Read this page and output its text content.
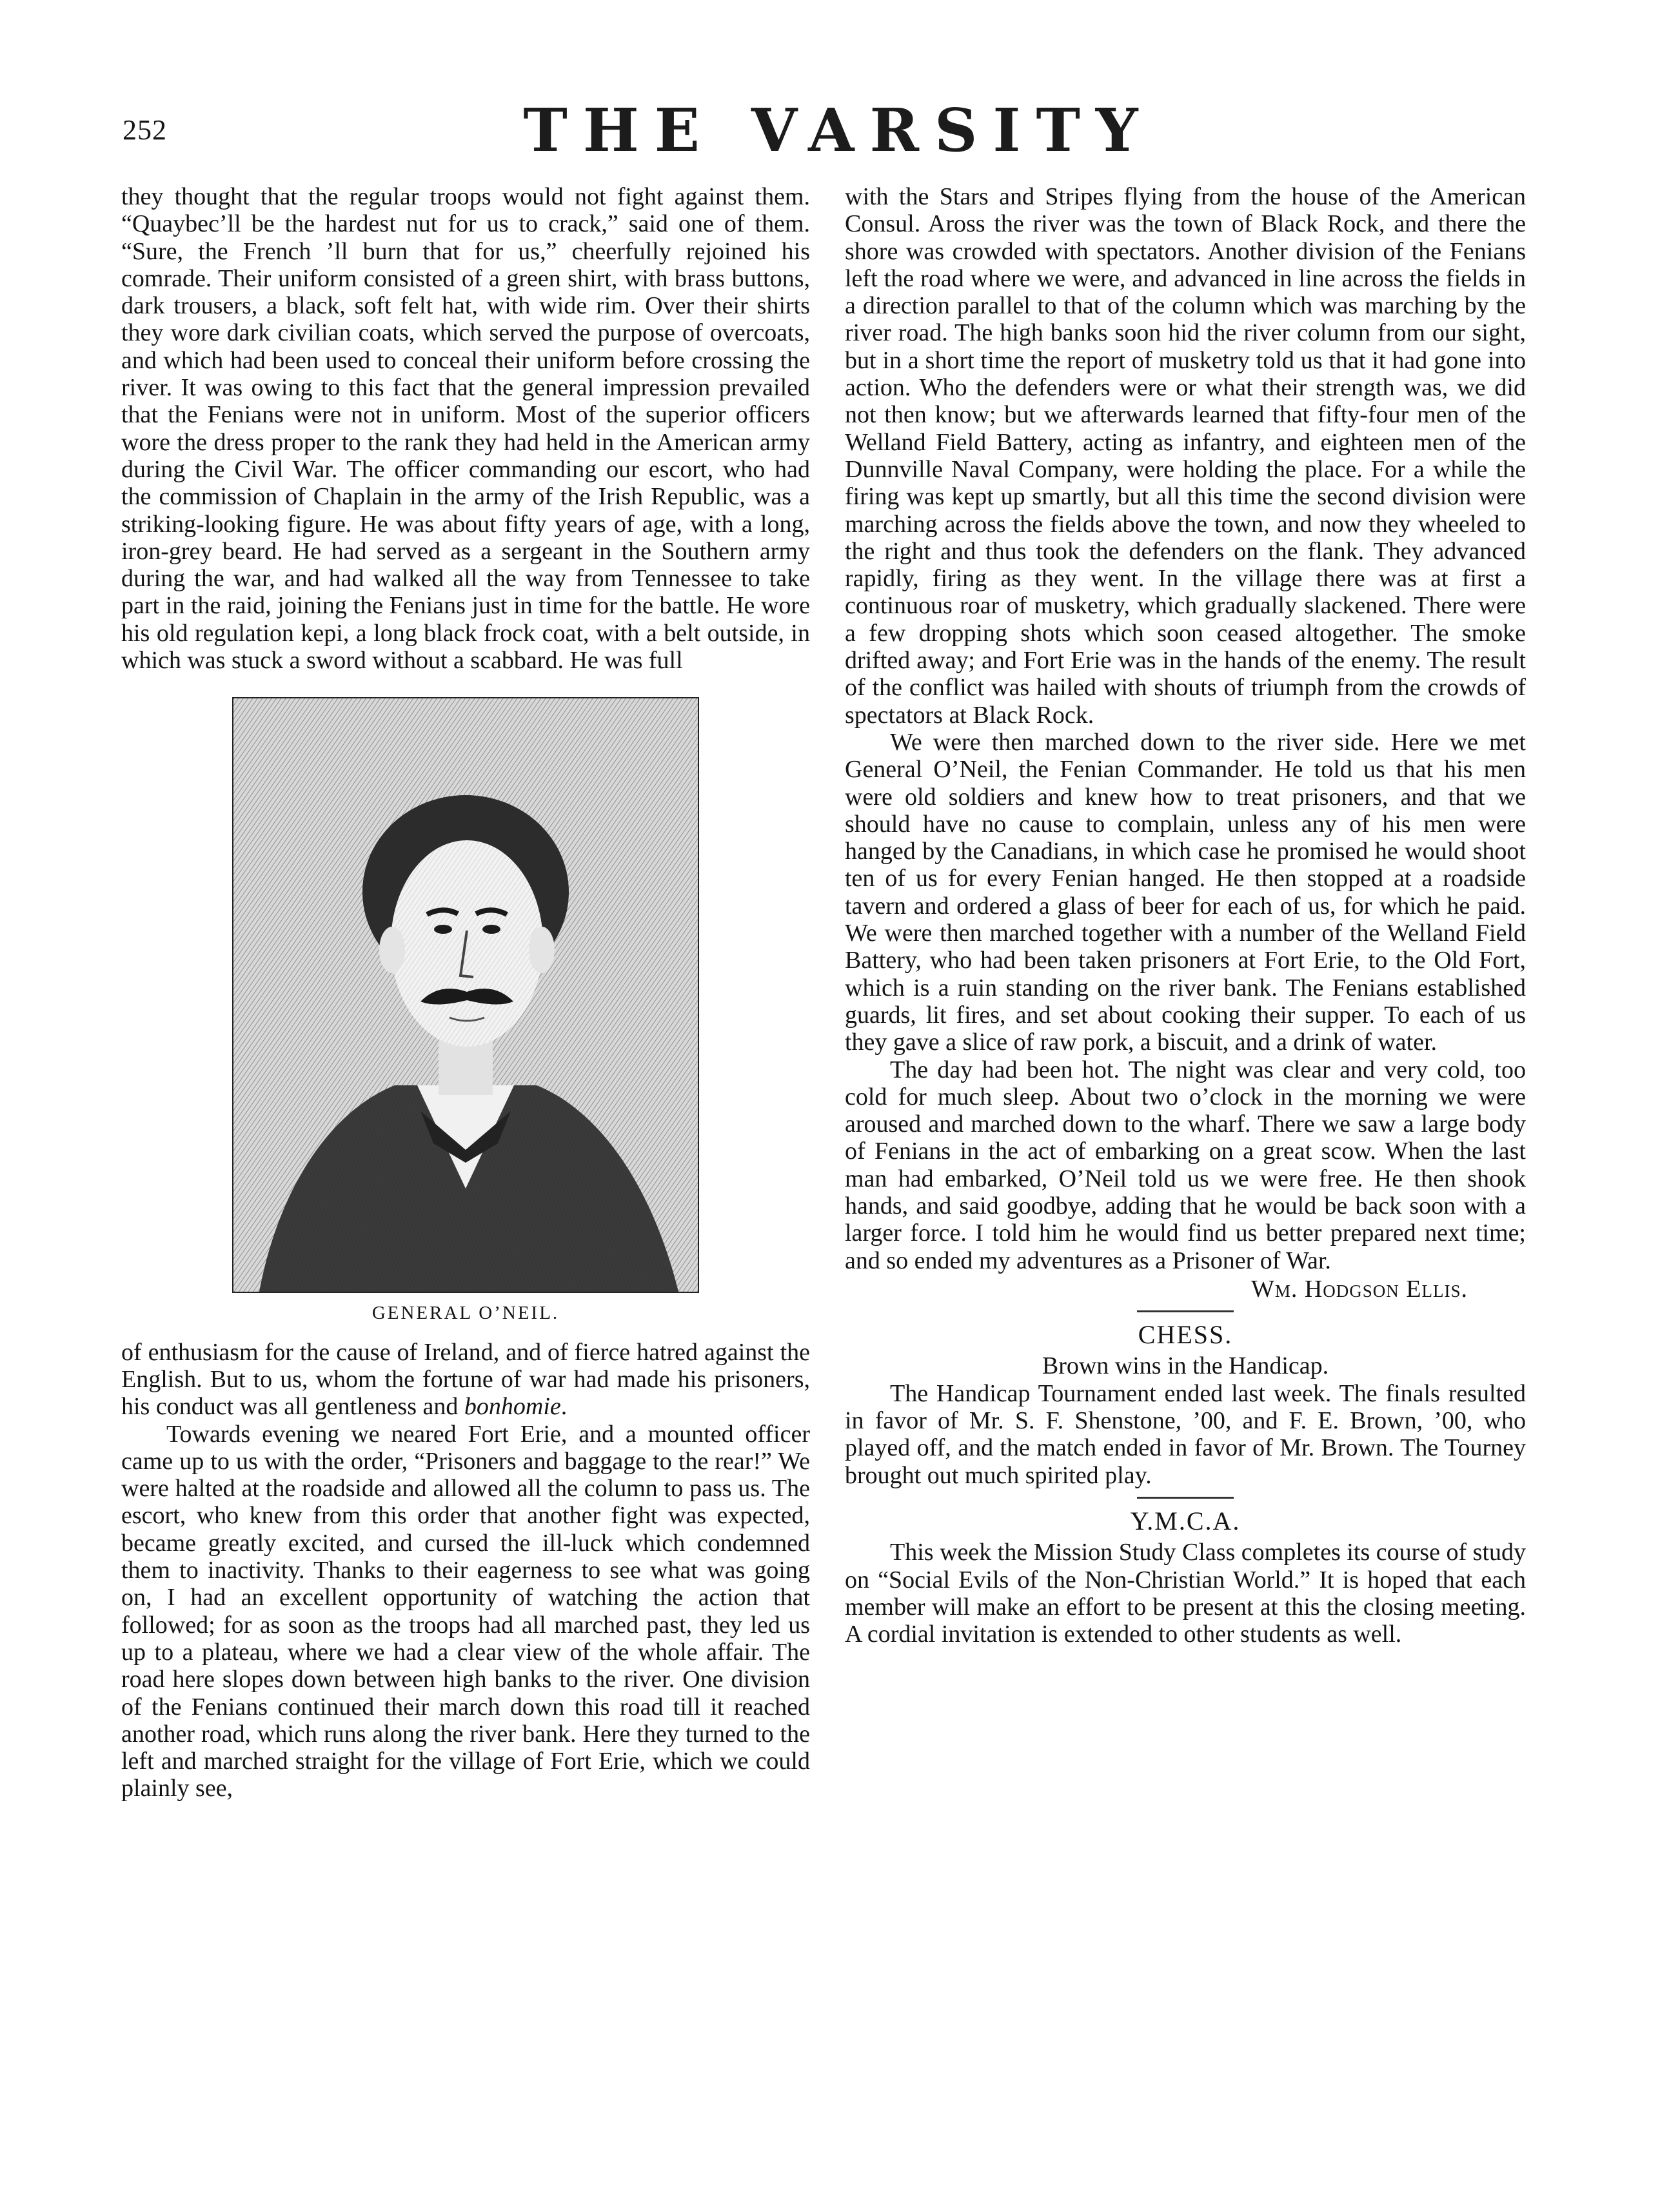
252	THE VARSITY

they thought that the regular troops would not fight against them. “Quaybec’ll be the hardest nut for us to crack,” said one of them. “Sure, the French ’ll burn that for us,” cheerfully rejoined his comrade. Their uniform consisted of a green shirt, with brass buttons, dark trousers, a black, soft felt hat, with wide rim. Over their shirts they wore dark civilian coats, which served the purpose of overcoats, and which had been used to conceal their uniform before crossing the river. It was owing to this fact that the general impression prevailed that the Fenians were not in uniform. Most of the superior officers wore the dress proper to the rank they had held in the American army during the Civil War. The officer commanding our escort, who had the commission of Chaplain in the army of the Irish Republic, was a striking-looking figure. He was about fifty years of age, with a long, iron-grey beard. He had served as a sergeant in the Southern army during the war, and had walked all the way from Tennessee to take part in the raid, joining the Fenians just in time for the battle. He wore his old regulation kepi, a long black frock coat, with a belt outside, in which was stuck a sword without a scabbard. He was full

GENERAL O’NEIL.

of enthusiasm for the cause of Ireland, and of fierce hatred against the English. But to us, whom the fortune of war had made his prisoners, his conduct was all gentleness and bonhomie.

Towards evening we neared Fort Erie, and a mounted officer came up to us with the order, “Prisoners and baggage to the rear!” We were halted at the roadside and allowed all the column to pass us. The escort, who knew from this order that another fight was expected, became greatly excited, and cursed the ill-luck which condemned them to inactivity. Thanks to their eagerness to see what was going on, I had an excellent opportunity of watching the action that followed; for as soon as the troops had all marched past, they led us up to a plateau, where we had a clear view of the whole affair. The road here slopes down between high banks to the river. One division of the Fenians continued their march down this road till it reached another road, which runs along the river bank. Here they turned to the left and marched straight for the village of Fort Erie, which we could plainly see,

with the Stars and Stripes flying from the house of the American Consul. Aross the river was the town of Black Rock, and there the shore was crowded with spectators. Another division of the Fenians left the road where we were, and advanced in line across the fields in a direction parallel to that of the column which was marching by the river road. The high banks soon hid the river column from our sight, but in a short time the report of musketry told us that it had gone into action. Who the defenders were or what their strength was, we did not then know; but we afterwards learned that fifty-four men of the Welland Field Battery, acting as infantry, and eighteen men of the Dunnville Naval Company, were holding the place. For a while the firing was kept up smartly, but all this time the second division were marching across the fields above the town, and now they wheeled to the right and thus took the defenders on the flank. They advanced rapidly, firing as they went. In the village there was at first a continuous roar of musketry, which gradually slackened. There were a few dropping shots which soon ceased altogether. The smoke drifted away; and Fort Erie was in the hands of the enemy. The result of the conflict was hailed with shouts of triumph from the crowds of spectators at Black Rock.

We were then marched down to the river side. Here we met General O’Neil, the Fenian Commander. He told us that his men were old soldiers and knew how to treat prisoners, and that we should have no cause to complain, unless any of his men were hanged by the Canadians, in which case he promised he would shoot ten of us for every Fenian hanged. He then stopped at a roadside tavern and ordered a glass of beer for each of us, for which he paid. We were then marched together with a number of the Welland Field Battery, who had been taken prisoners at Fort Erie, to the Old Fort, which is a ruin standing on the river bank. The Fenians established guards, lit fires, and set about cooking their supper. To each of us they gave a slice of raw pork, a biscuit, and a drink of water.

The day had been hot. The night was clear and very cold, too cold for much sleep. About two o’clock in the morning we were aroused and marched down to the wharf. There we saw a large body of Fenians in the act of embarking on a great scow. When the last man had embarked, O’Neil told us we were free. He then shook hands, and said goodbye, adding that he would be back soon with a larger force. I told him he would find us better prepared next time; and so ended my adventures as a Prisoner of War.

Wm. Hodgson Ellis.

CHESS.

Brown wins in the Handicap.

The Handicap Tournament ended last week. The finals resulted in favor of Mr. S. F. Shenstone, ’00, and F. E. Brown, ’00, who played off, and the match ended in favor of Mr. Brown. The Tourney brought out much spirited play.

Y.M.C.A.

This week the Mission Study Class completes its course of study on “Social Evils of the Non-Christian World.” It is hoped that each member will make an effort to be present at this the closing meeting. A cordial invitation is extended to other students as well.
